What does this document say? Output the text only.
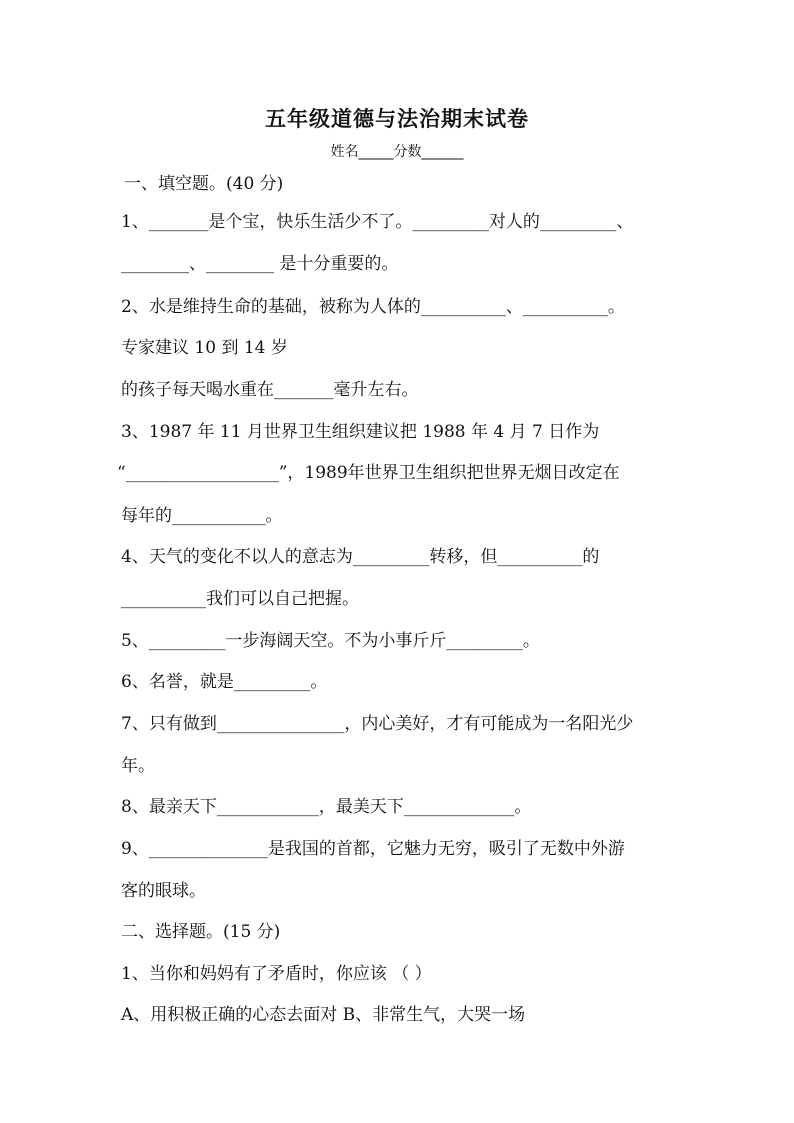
五年级道德与法治期末试卷
姓名_____分数______
一、填空题。(40 分)
1、_______是个宝，快乐生活少不了。_________对人的_________、
________、________ 是十分重要的。
2、水是维持生命的基础，被称为人体的__________、__________。
专家建议 10 到 14 岁
的孩子每天喝水重在_______毫升左右。
3、1987 年 11 月世界卫生组织建议把 1988 年 4 月 7 日作为
“__________________”，1989年世界卫生组织把世界无烟日改定在
每年的___________。
4、天气的变化不以人的意志为_________转移，但__________的
__________我们可以自己把握。
5、_________一步海阔天空。不为小事斤斤_________。
6、名誉，就是_________。
7、只有做到_______________，内心美好，才有可能成为一名阳光少
年。
8、最亲天下____________，最美天下_____________。
9、______________是我国的首都，它魅力无穷，吸引了无数中外游
客的眼球。
二、选择题。(15 分)
1、当你和妈妈有了矛盾时，你应该 （ ）
A、用积极正确的心态去面对 B、非常生气，大哭一场
